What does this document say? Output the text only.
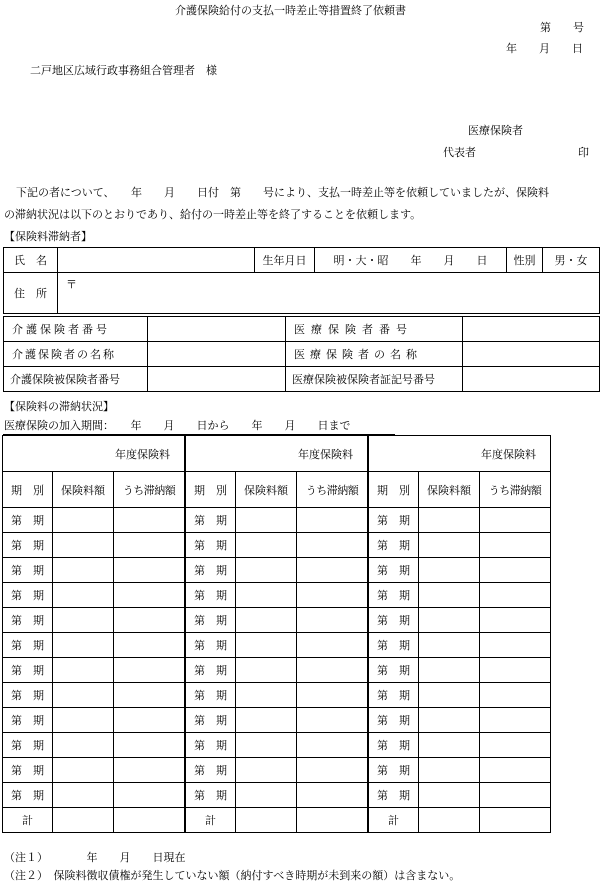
介護保険給付の支払一時差止等措置終了依頼書
第　　号
年　　月　　日
二戸地区広域行政事務組合管理者　様
医療保険者
代表者	印
下記の者について、　　年　　月　　日付　第　　号により、支払一時差止等を依頼していましたが、保険料
の滞納状況は以下のとおりであり、給付の一時差止等を終了することを依頼します。
【保険料滞納者】
氏　名		生年月日	明・大・昭　　年　　月　　日	性別	男・女
住　所	〒				
介護保険者番号		医療保険者番号	
介護保険者の名称		医療保険者の名称	
介護保険被保険者番号		医療保険被保険者証記号番号	
【保険料の滞納状況】
医療保険の加入期間：　　年　　月　　日から　　年　　月　　日まで
年度保険料		
期　別	保険料額	うち滞納額
第　期		
第　期		
第　期		
第　期		
第　期		
第　期		
第　期		
第　期		
第　期		
第　期		
第　期		
第　期		
計		
年度保険料		
期　別	保険料額	うち滞納額
第　期		
第　期		
第　期		
第　期		
第　期		
第　期		
第　期		
第　期		
第　期		
第　期		
第　期		
第　期		
計		
年度保険料		
期　別	保険料額	うち滞納額
第　期		
第　期		
第　期		
第　期		
第　期		
第　期		
第　期		
第　期		
第　期		
第　期		
第　期		
第　期		
計		
（注１）　　　　年　　月　　日現在
（注２）　保険料徴収債権が発生していない額（納付すべき時期が未到来の額）は含まない。
